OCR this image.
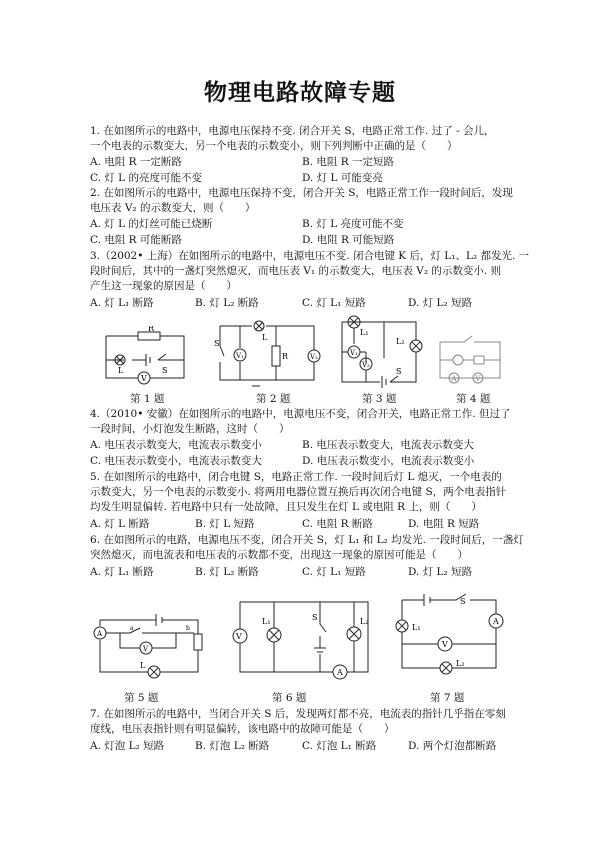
物理电路故障专题
1. 在如图所示的电路中，电源电压保持不变. 闭合开关 S，电路正常工作. 过了 - 会儿，
一个电表的示数变大，另一个电表的示数变小，则下列判断中正确的是（　　）
A. 电阻 R 一定断路	B. 电阻 R 一定短路
C. 灯 L 的亮度可能不变	D. 灯 L 可能变亮
2. 在如图所示的电路中，电源电压保持不变，闭合开关 S，电路正常工作一段时间后，发现
电压表 V₂ 的示数变大，则（　　）
A. 灯 L 的灯丝可能已烧断	B. 灯 L 亮度可能不变
C. 电阻 R 可能断路	D. 电阻 R 可能短路
3.（2002• 上海）在如图所示的电路中，电源电压不变. 闭合电键 K 后，灯 L₁、L₂ 都发光. 一
段时间后，其中的一盏灯突然熄灭，而电压表 V₁ 的示数变大，电压表 V₂ 的示数变小. 则
产生这一现象的原因是（　　）
A. 灯 L₁ 断路	B. 灯 L₂ 断路	C. 灯 L₁ 短路	D. 灯 L₂ 短路
R
L	S
V
第 1 题
S
V₁	R	V₂
L
第 2 题
L₁
L₂
V₁
V₂
S
第 3 题
A	V
第 4 题
4.（2010• 安徽）在如图所示的电路中，电源电压不变，闭合开关，电路正常工作. 但过了
一段时间，小灯泡发生断路，这时（　　）
A. 电压表示数变大，电流表示数变小	B. 电压表示数变大，电流表示数变大
C. 电压表示数变小，电流表示数变大	D. 电压表示数变小，电流表示数变小
5. 在如图所示的电路中，闭合电键 S，电路正常工作. 一段时间后灯 L 熄灭，一个电表的
示数变大，另一个电表的示数变小. 将两用电器位置互换后再次闭合电键 S，两个电表指针
均发生明显偏转. 若电路中只有一处故障，且只发生在灯 L 或电阻 R 上，则（　　）
A. 灯 L 断路	B. 灯 L 短路	C. 电阻 R 断路	D. 电阻 R 短路
6. 在如图所示的电路，电源电压不变，闭合开关 S，灯 L₁ 和 L₂ 均发光. 一段时间后，一盏灯
突然熄灭，而电流表和电压表的示数都不变，出现这一现象的原因可能是（　　）
A. 灯 L₁ 断路	B. 灯 L₂ 断路	C. 灯 L₁ 短路	D. 灯 L₂ 短路
A
V
a	b
L
第 5 题
V
L₁	S	L₂
A
第 6 题
S
A
L₁
V
L₂
第 7 题
7. 在如图所示的电路中，当闭合开关 S 后，发现两灯都不亮，电流表的指针几乎指在零刻
度线，电压表指针则有明显偏转，该电路中的故障可能是（　　）
A. 灯泡 L₂ 短路	B. 灯泡 L₂ 断路	C. 灯泡 L₁ 断路	D. 两个灯泡都断路
